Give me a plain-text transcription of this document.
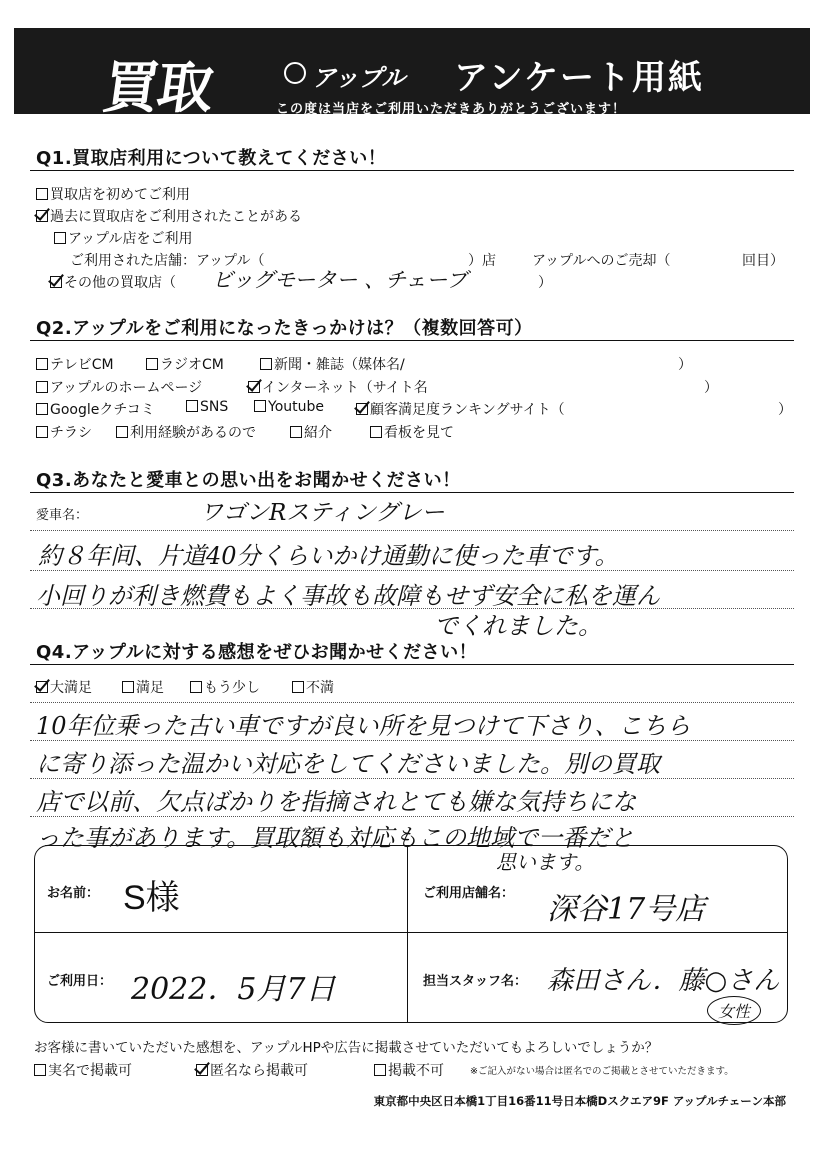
買取	アップル アンケート用紙
この度は当店をご利用いただきありがとうございます！
Q1.買取店利用について教えてください！
買取店を初めてご利用
過去に買取店をご利用されたことがある
アップル店をご利用
ご利用された店舗：アップル（	）店	アップルへのご売却（	回目）
その他の買取店（ ビッグモーター 、チェーブ	）
Q2.アップルをご利用になったきっかけは？（複数回答可）
テレビCM	ラジオCM	新聞・雑誌（媒体名/	）
アップルのホームページ	インターネット（サイト名	）
Googleクチコミ	SNS	Youtube	顧客満足度ランキングサイト（	）
チラシ	利用経験があるので	紹介	看板を見て
Q3.あなたと愛車との思い出をお聞かせください！
愛車名：	ワゴンRスティングレー
約８年间、片道40分くらいかけ通勤に使った車です。
小回りが利き燃費もよく事故も故障もせず安全に私を運ん
でくれました。
Q4.アップルに対する感想をぜひお聞かせください！
大満足	満足	もう少し	不満
10年位乗った古い車ですが良い所を見つけて下さり、こちら
に寄り添った温かい対応をしてくださいました。別の買取
店で以前、欠点ばかりを指摘されとても嫌な気持ちにな
った事があります。買取額も対応もこの地域で一番だと
思います。
お名前： S様	ご利用店舗名： 深谷17号店
ご利用日： 2022．5月7日	担当スタッフ名： 森田さん．藤○さん
女性
お客様に書いていただいた感想を、アップルHPや広告に掲載させていただいてもよろしいでしょうか？
実名で掲載可	匿名なら掲載可	掲載不可	※ご記入がない場合は匿名でのご掲載とさせていただきます。
東京都中央区日本橋1丁目16番11号日本橋Dスクエア9F アップルチェーン本部
